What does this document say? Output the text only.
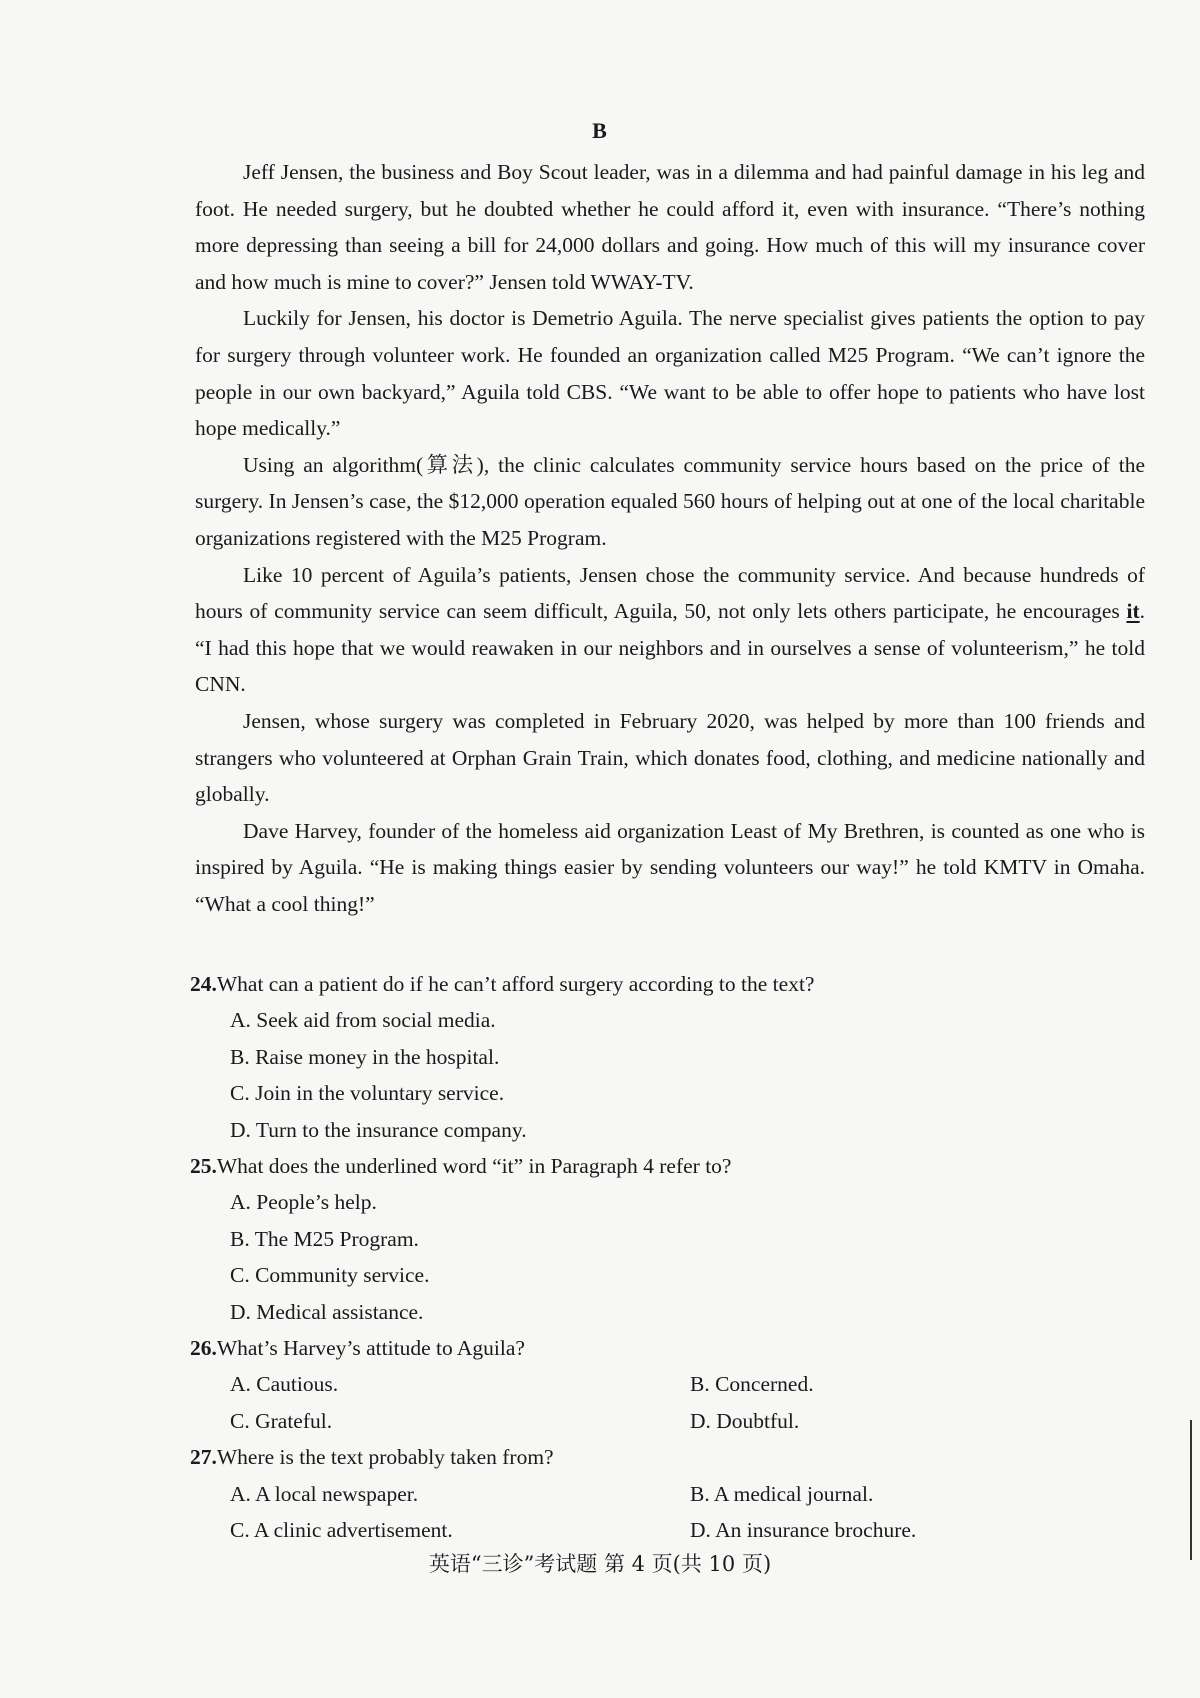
B

Jeff Jensen, the business and Boy Scout leader, was in a dilemma and had painful damage in his leg and foot. He needed surgery, but he doubted whether he could afford it, even with insurance. “There’s nothing more depressing than seeing a bill for 24,000 dollars and going. How much of this will my insurance cover and how much is mine to cover?” Jensen told WWAY-TV.

Luckily for Jensen, his doctor is Demetrio Aguila. The nerve specialist gives patients the option to pay for surgery through volunteer work. He founded an organization called M25 Program. “We can’t ignore the people in our own backyard,” Aguila told CBS. “We want to be able to offer hope to patients who have lost hope medically.”

Using an algorithm(算法), the clinic calculates community service hours based on the price of the surgery. In Jensen’s case, the $12,000 operation equaled 560 hours of helping out at one of the local charitable organizations registered with the M25 Program.

Like 10 percent of Aguila’s patients, Jensen chose the community service. And because hundreds of hours of community service can seem difficult, Aguila, 50, not only lets others participate, he encourages it. “I had this hope that we would reawaken in our neighbors and in ourselves a sense of volunteerism,” he told CNN.

Jensen, whose surgery was completed in February 2020, was helped by more than 100 friends and strangers who volunteered at Orphan Grain Train, which donates food, clothing, and medicine nationally and globally.

Dave Harvey, founder of the homeless aid organization Least of My Brethren, is counted as one who is inspired by Aguila. “He is making things easier by sending volunteers our way!” he told KMTV in Omaha. “What a cool thing!”

24.What can a patient do if he can’t afford surgery according to the text?

A. Seek aid from social media.

B. Raise money in the hospital.

C. Join in the voluntary service.

D. Turn to the insurance company.

25.What does the underlined word “it” in Paragraph 4 refer to?

A. People’s help.

B. The M25 Program.

C. Community service.

D. Medical assistance.

26.What’s Harvey’s attitude to Aguila?

A. Cautious.	B. Concerned.

C. Grateful.	D. Doubtful.

27.Where is the text probably taken from?

A. A local newspaper.	B. A medical journal.

C. A clinic advertisement.	D. An insurance brochure.

英语“三诊”考试题 第 4 页(共 10 页)
